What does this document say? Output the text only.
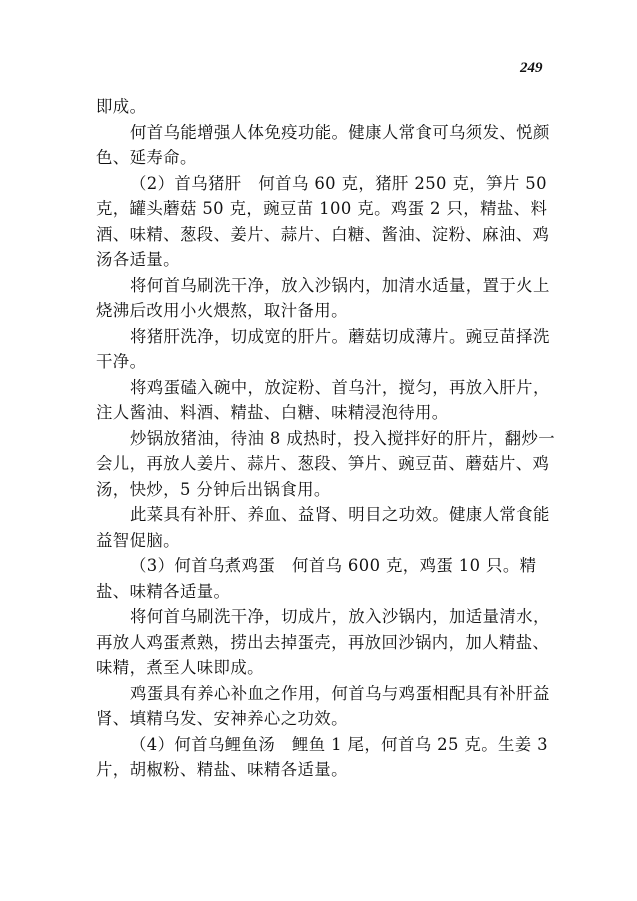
249

即成。

何首乌能增强人体免疫功能。健康人常食可乌须发、悦颜色、延寿命。

（2）首乌猪肝　何首乌 60 克，猪肝 250 克，笋片 50 克，罐头蘑菇 50 克，豌豆苗 100 克。鸡蛋 2 只，精盐、料酒、味精、葱段、姜片、蒜片、白糖、酱油、淀粉、麻油、鸡汤各适量。

将何首乌刷洗干净，放入沙锅内，加清水适量，置于火上烧沸后改用小火煨熬，取汁备用。

将猪肝洗净，切成宽的肝片。蘑菇切成薄片。豌豆苗择洗干净。

将鸡蛋磕入碗中，放淀粉、首乌汁，搅匀，再放入肝片，注人酱油、料酒、精盐、白糖、味精浸泡待用。

炒锅放猪油，待油 8 成热时，投入搅拌好的肝片，翻炒一会儿，再放人姜片、蒜片、葱段、笋片、豌豆苗、蘑菇片、鸡汤，快炒，5 分钟后出锅食用。

此菜具有补肝、养血、益肾、明目之功效。健康人常食能益智促脑。

（3）何首乌煮鸡蛋　何首乌 600 克，鸡蛋 10 只。精盐、味精各适量。

将何首乌刷洗干净，切成片，放入沙锅内，加适量清水，再放人鸡蛋煮熟，捞出去掉蛋壳，再放回沙锅内，加人精盐、味精，煮至人味即成。

鸡蛋具有养心补血之作用，何首乌与鸡蛋相配具有补肝益肾、填精乌发、安神养心之功效。

（4）何首乌鲤鱼汤　鲤鱼 1 尾，何首乌 25 克。生姜 3 片，胡椒粉、精盐、味精各适量。
